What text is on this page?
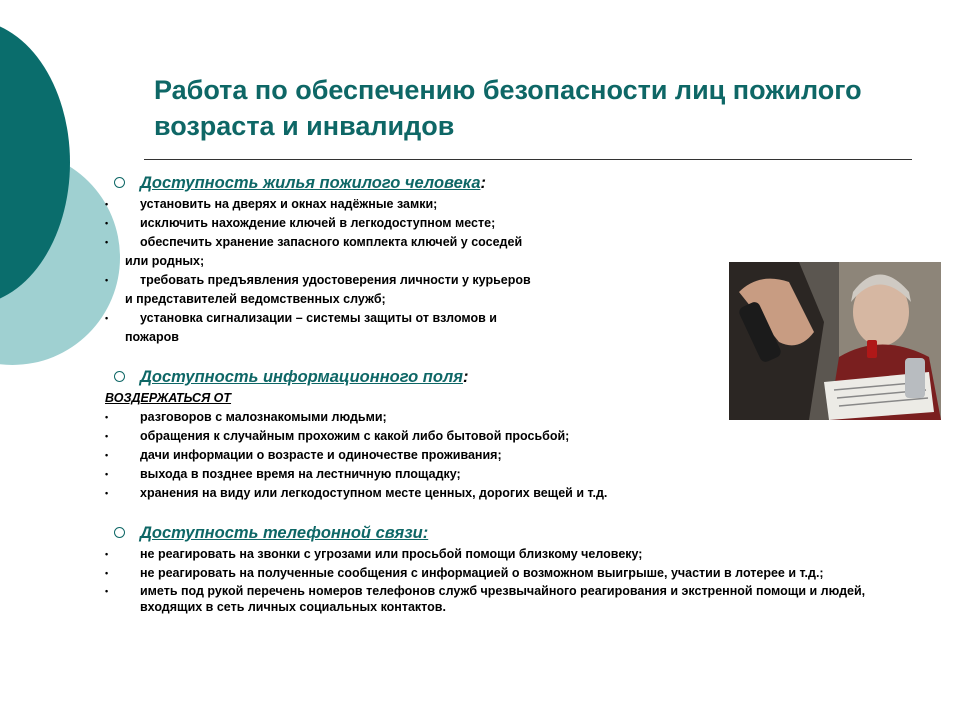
Работа по обеспечению безопасности лиц пожилого возраста и инвалидов
Доступность жилья пожилого человека:
•	установить на дверях и окнах надёжные замки;
•	исключить нахождение ключей в легкодоступном месте;
•	обеспечить хранение запасного комплекта ключей у соседей
или родных;
•	требовать предъявления удостоверения личности у курьеров
и представителей ведомственных служб;
•	установка сигнализации – системы защиты от взломов и
пожаров
Доступность информационного поля:
ВОЗДЕРЖАТЬСЯ ОТ
•	разговоров с малознакомыми людьми;
•	обращения к случайным прохожим с какой либо бытовой просьбой;
•	дачи информации о возрасте и одиночестве проживания;
•	выхода в позднее время на лестничную площадку;
•	хранения на виду или легкодоступном месте ценных, дорогих вещей и т.д.
Доступность телефонной связи:
•	не реагировать на звонки с угрозами или просьбой помощи близкому человеку;
•	не реагировать на полученные сообщения с информацией о возможном выигрыше, участии в лотерее и т.д.;
•	иметь под рукой перечень номеров телефонов служб чрезвычайного реагирования и экстренной помощи и людей, входящих в сеть личных социальных контактов.
